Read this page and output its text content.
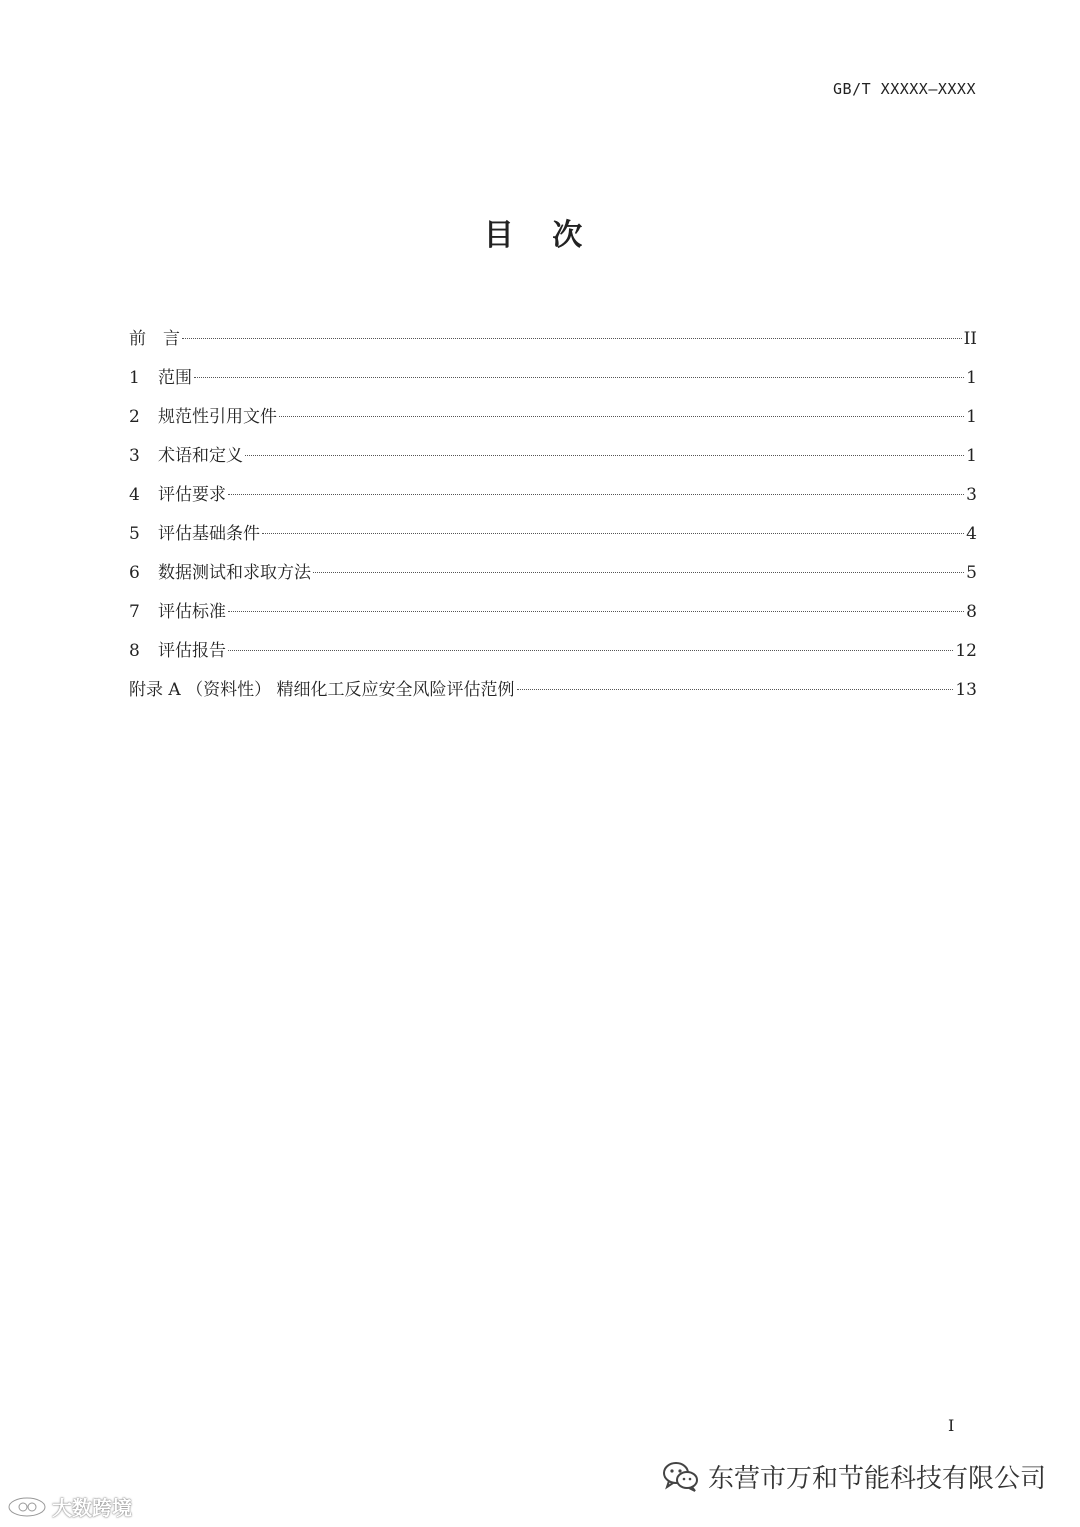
GB/T XXXXX—XXXX
目 次
前　言	II
1	范围	1
2	规范性引用文件	1
3	术语和定义	1
4	评估要求	3
5	评估基础条件	4
6	数据测试和求取方法	5
7	评估标准	8
8	评估报告	12
附录 A （资料性） 精细化工反应安全风险评估范例	13
I
大数跨境
东营市万和节能科技有限公司
